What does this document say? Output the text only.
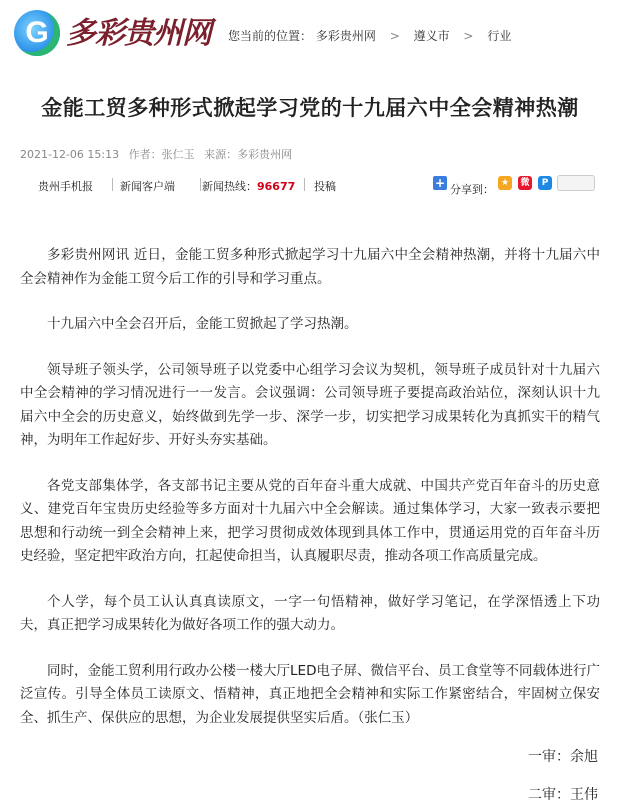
G 多彩贵州网 您当前的位置： 多彩贵州网 > 遵义市 > 行业
金能工贸多种形式掀起学习党的十九届六中全会精神热潮
2021-12-06 15:13 作者：张仁玉 来源：多彩贵州网
贵州手机报 新闻客户端 新闻热线：96677 投稿	+ 分享到： ★	微	P

多彩贵州网讯 近日，金能工贸多种形式掀起学习十九届六中全会精神热潮，并将十九届六中全会精神作为金能工贸今后工作的引导和学习重点。

十九届六中全会召开后，金能工贸掀起了学习热潮。

领导班子领头学，公司领导班子以党委中心组学习会议为契机，领导班子成员针对十九届六中全会精神的学习情况进行一一发言。会议强调：公司领导班子要提高政治站位，深刻认识十九届六中全会的历史意义，始终做到先学一步、深学一步，切实把学习成果转化为真抓实干的精气神，为明年工作起好步、开好头夯实基础。

各党支部集体学，各支部书记主要从党的百年奋斗重大成就、中国共产党百年奋斗的历史意义、建党百年宝贵历史经验等多方面对十九届六中全会解读。通过集体学习，大家一致表示要把思想和行动统一到全会精神上来，把学习贯彻成效体现到具体工作中，贯通运用党的百年奋斗历史经验，坚定把牢政治方向，扛起使命担当，认真履职尽责，推动各项工作高质量完成。

个人学，每个员工认认真真读原文，一字一句悟精神，做好学习笔记，在学深悟透上下功夫，真正把学习成果转化为做好各项工作的强大动力。

同时，金能工贸利用行政办公楼一楼大厅LED电子屏、微信平台、员工食堂等不同载体进行广泛宣传。引导全体员工读原文、悟精神，真正地把全会精神和实际工作紧密结合，牢固树立保安全、抓生产、保供应的思想，为企业发展提供坚实后盾。（张仁玉）

一审：余旭
二审：王伟
